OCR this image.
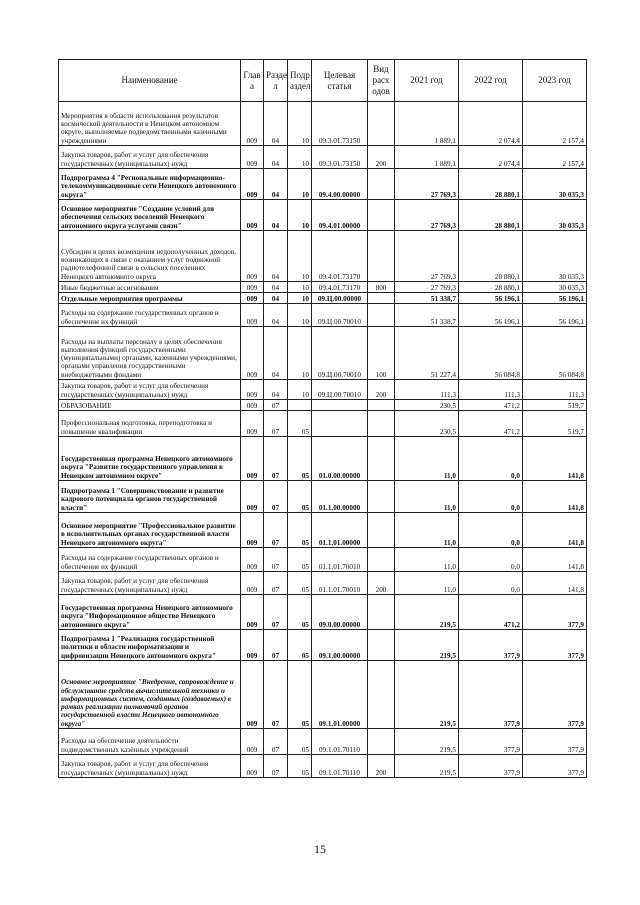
Наименование	Глав а	Разде л	Подр аздел	Целевая статья	Вид расх одов	2021 год	2022 год	2023 год
Мероприятия в области использования результатов космической деятельности в Ненецком автономном округе, выполняемые подведомственными казенными учреждениями	009	04	10	09.3.01.73150		1 889,1	2 074,4	2 157,4
Закупка товаров, работ и услуг для обеспечения государственных (муниципальных) нужд	009	04	10	09.3.01.73150	200	1 889,1	2 074,4	2 157,4
Подпрограмма 4 "Региональные информационно-телекоммуникационные сети Ненецкого автономного округа"	009	04	10	09.4.00.00000		27 769,3	28 880,1	30 035,3
Основное мероприятие "Создание условий для обеспечения сельских поселений Ненецкого автономного округа услугами связи"	009	04	10	09.4.01.00000		27 769,3	28 880,1	30 035,3
Субсидии в целях возмещения недополученных доходов, возникающих в связи с оказанием услуг подвижной радиотелефонной связи в сельских поселениях Ненецкого автономного округа	009	04	10	09.4.01.73170		27 769,3	28 880,1	30 035,3
Иные бюджетные ассигнования	009	04	10	09.4.01.73170	800	27 769,3	28 880,1	30 035,3
Отдельные мероприятия программы	009	04	10	09.Ц.00.00000		51 338,7	56 196,1	56 196,1
Расходы на содержание государственных органов и обеспечение их функций	009	04	10	09.Ц.00.70010		51 338,7	56 196,1	56 196,1
Расходы на выплаты персоналу в целях обеспечения выполнения функций государственными (муниципальными) органами, казенными учреждениями, органами управления государственными внебюджетными фондами	009	04	10	09.Ц.00.70010	100	51 227,4	56 084,8	56 084,8
Закупка товаров, работ и услуг для обеспечения государственных (муниципальных) нужд	009	04	10	09.Ц.00.70010	200	111,3	111,3	111,3
ОБРАЗОВАНИЕ	009	07				230,5	471,2	519,7
Профессиональная подготовка, переподготовка и повышение квалификации	009	07	05			230,5	471,2	519,7
Государственная программа Ненецкого автономного округа "Развитие государственного управления в Ненецком автономном округе"	009	07	05	01.0.00.00000		11,0	0,0	141,8
Подпрограмма 1 "Совершенствование и развитие кадрового потенциала органов государственной власти"	009	07	05	01.1.00.00000		11,0	0,0	141,8
Основное мероприятие "Профессиональное развитие в исполнительных органах государственной власти Ненецкого автономного округа"	009	07	05	01.1.01.00000		11,0	0,0	141,8
Расходы на содержание государственных органов и обеспечение их функций	009	07	05	01.1.01.70010		11,0	0,0	141,8
Закупка товаров, работ и услуг для обеспечения государственных (муниципальных) нужд	009	07	05	01.1.01.70010	200	11,0	0,0	141,8
Государственная программа Ненецкого автономного округа "Информационное общество Ненецкого автономного округа"	009	07	05	09.0.00.00000		219,5	471,2	377,9
Подпрограмма 1 "Реализация государственной политики в области информатизации и цифровизации Ненецкого автономного округа"	009	07	05	09.1.00.00000		219,5	377,9	377,9
Основное мероприятие "Внедрение, сопровождение и обслуживание средств вычислительной техники и информационных систем, созданных (создаваемых) в рамках реализации полномочий органов государственной власти Ненецкого автономного округа"	009	07	05	09.1.01.00000		219,5	377,9	377,9
Расходы на обеспечение деятельности подведомственных казённых учреждений	009	07	05	09.1.01.70110		219,5	377,9	377,9
Закупка товаров, работ и услуг для обеспечения государственных (муниципальных) нужд	009	07	05	09.1.01.70110	200	219,5	377,9	377,9
15
